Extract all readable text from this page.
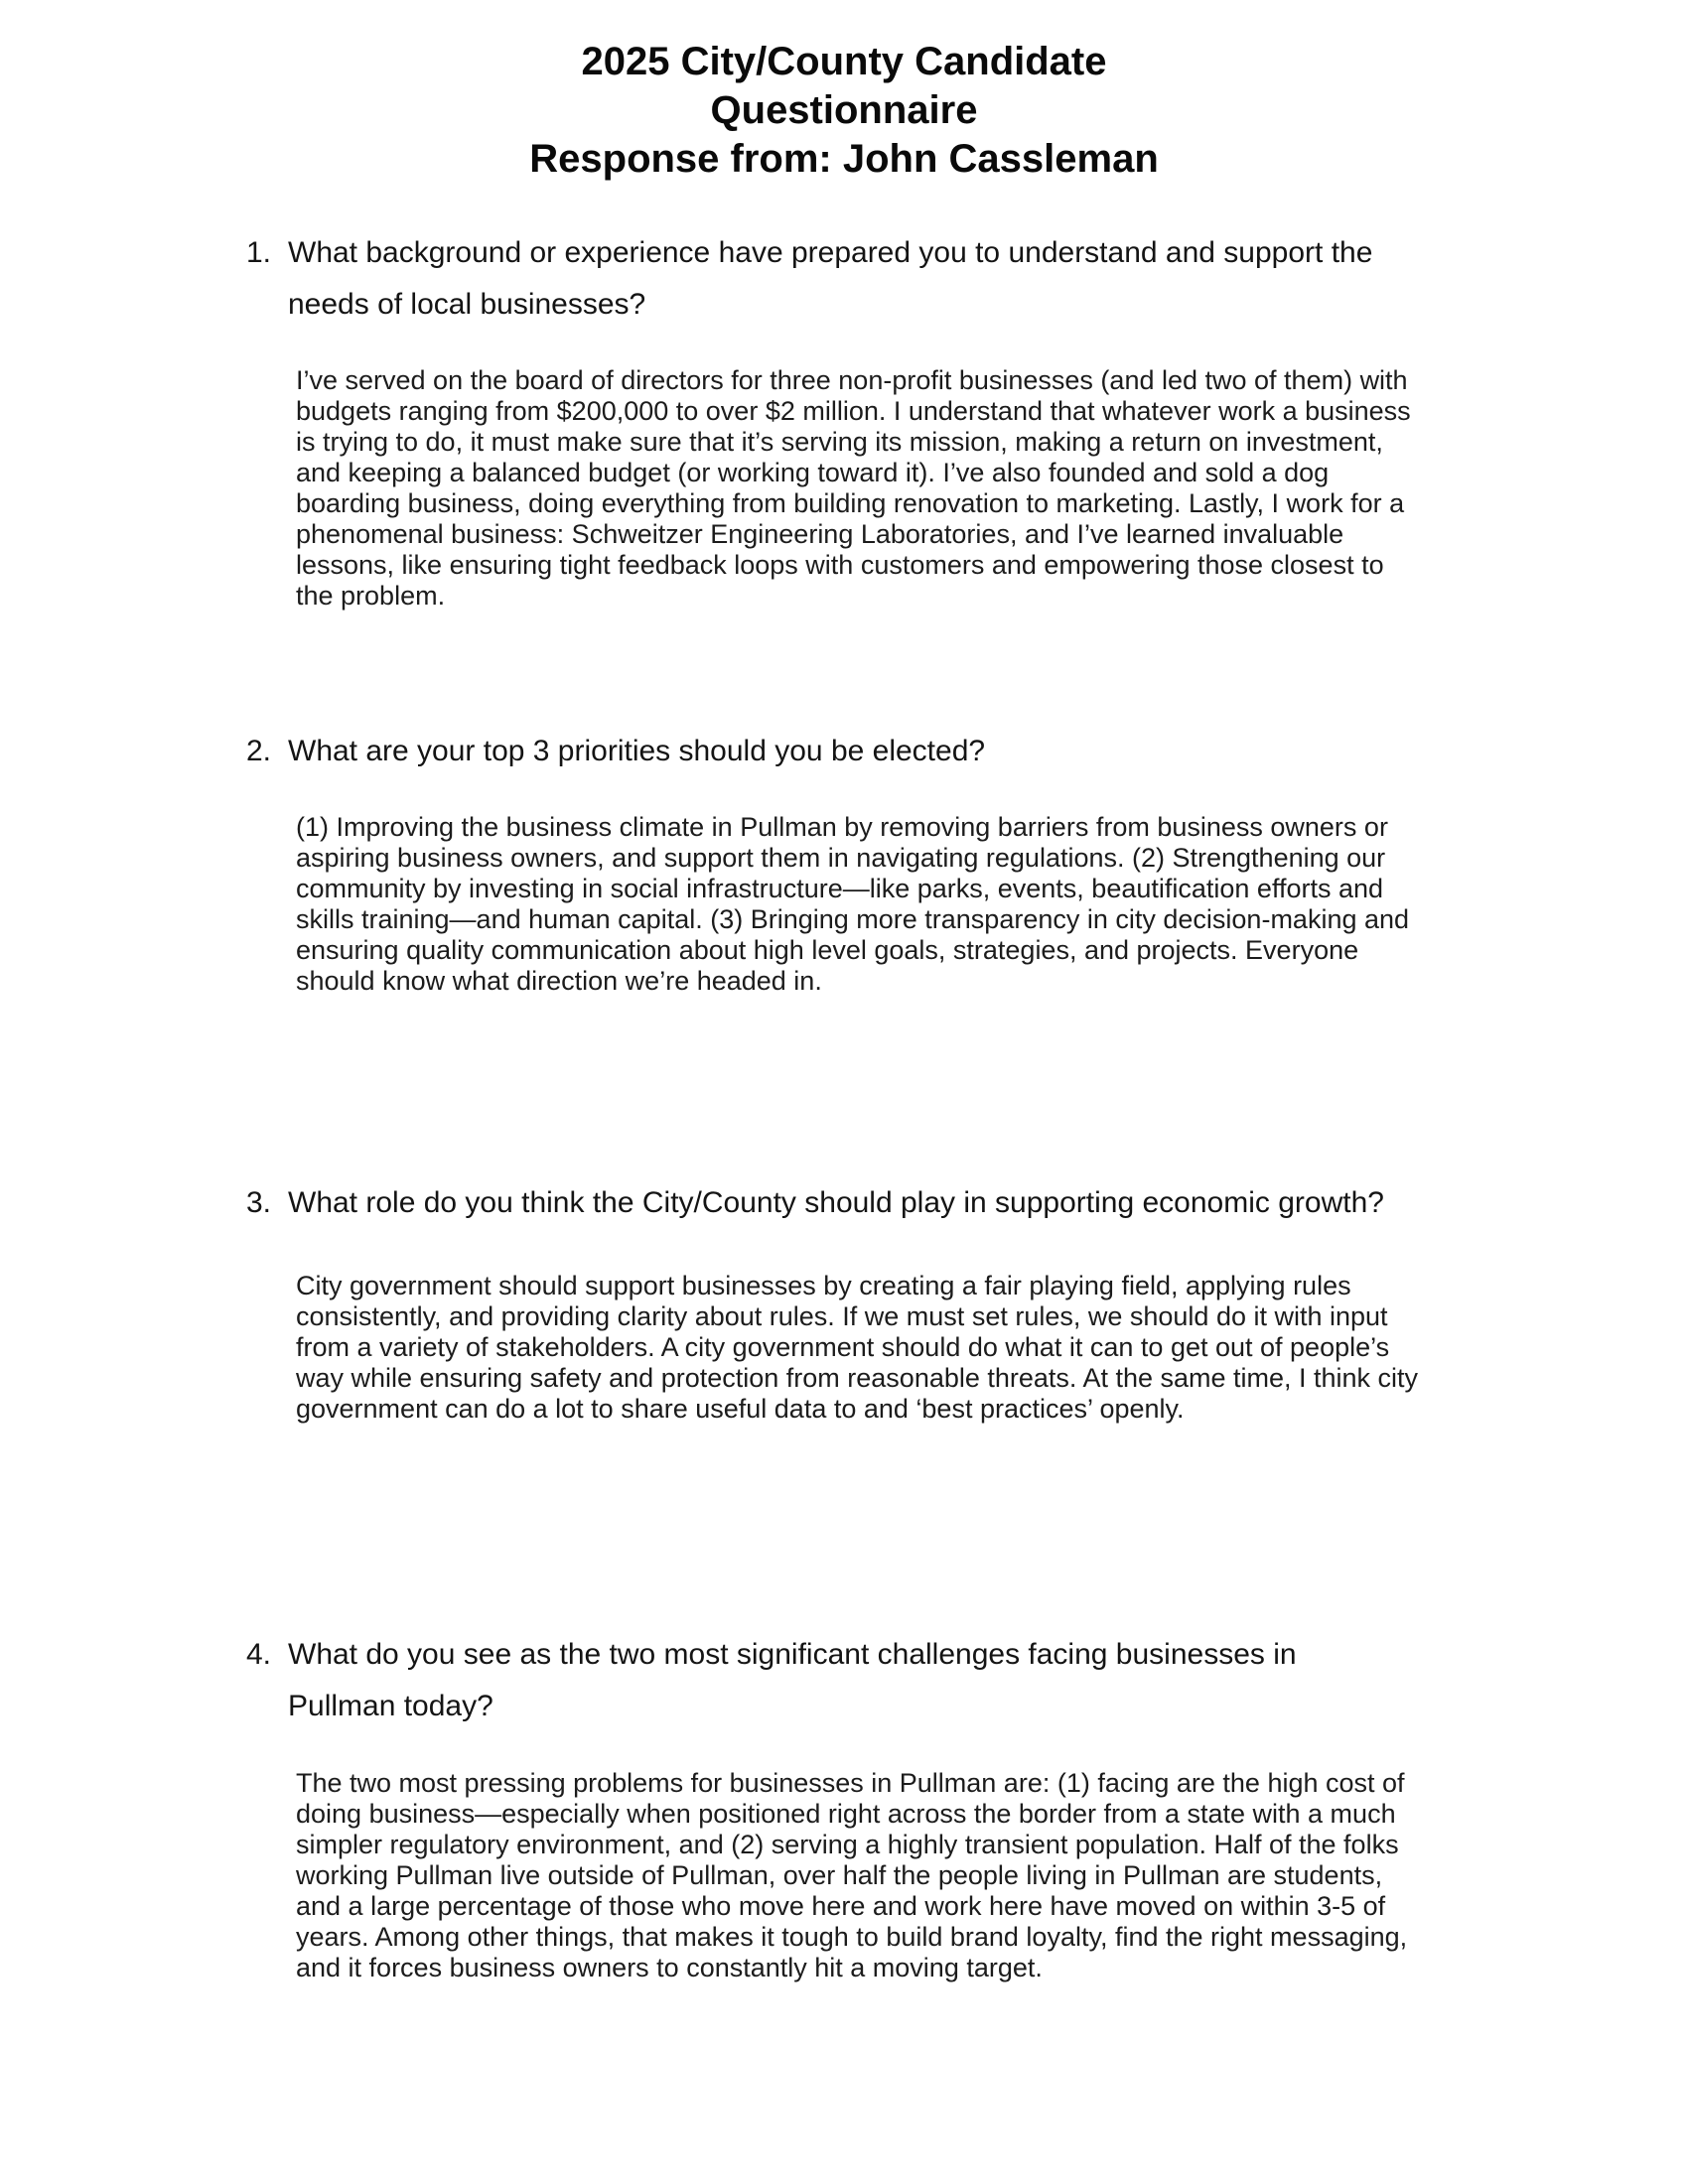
2025 City/County Candidate
Questionnaire
Response from: John Cassleman
1. What background or experience have prepared you to understand and support the
needs of local businesses?
I’ve served on the board of directors for three non-profit businesses (and led two of them) with
budgets ranging from $200,000 to over $2 million. I understand that whatever work a business
is trying to do, it must make sure that it’s serving its mission, making a return on investment,
and keeping a balanced budget (or working toward it). I’ve also founded and sold a dog
boarding business, doing everything from building renovation to marketing. Lastly, I work for a
phenomenal business: Schweitzer Engineering Laboratories, and I’ve learned invaluable
lessons, like ensuring tight feedback loops with customers and empowering those closest to
the problem.
2. What are your top 3 priorities should you be elected?
(1) Improving the business climate in Pullman by removing barriers from business owners or
aspiring business owners, and support them in navigating regulations. (2) Strengthening our
community by investing in social infrastructure—like parks, events, beautification efforts and
skills training—and human capital. (3) Bringing more transparency in city decision-making and
ensuring quality communication about high level goals, strategies, and projects. Everyone
should know what direction we’re headed in.
3. What role do you think the City/County should play in supporting economic growth?
City government should support businesses by creating a fair playing field, applying rules
consistently, and providing clarity about rules. If we must set rules, we should do it with input
from a variety of stakeholders. A city government should do what it can to get out of people’s
way while ensuring safety and protection from reasonable threats. At the same time, I think city
government can do a lot to share useful data to and ‘best practices’ openly.
4. What do you see as the two most significant challenges facing businesses in
Pullman today?
The two most pressing problems for businesses in Pullman are: (1) facing are the high cost of
doing business—especially when positioned right across the border from a state with a much
simpler regulatory environment, and (2) serving a highly transient population. Half of the folks
working Pullman live outside of Pullman, over half the people living in Pullman are students,
and a large percentage of those who move here and work here have moved on within 3-5 of
years. Among other things, that makes it tough to build brand loyalty, find the right messaging,
and it forces business owners to constantly hit a moving target.
